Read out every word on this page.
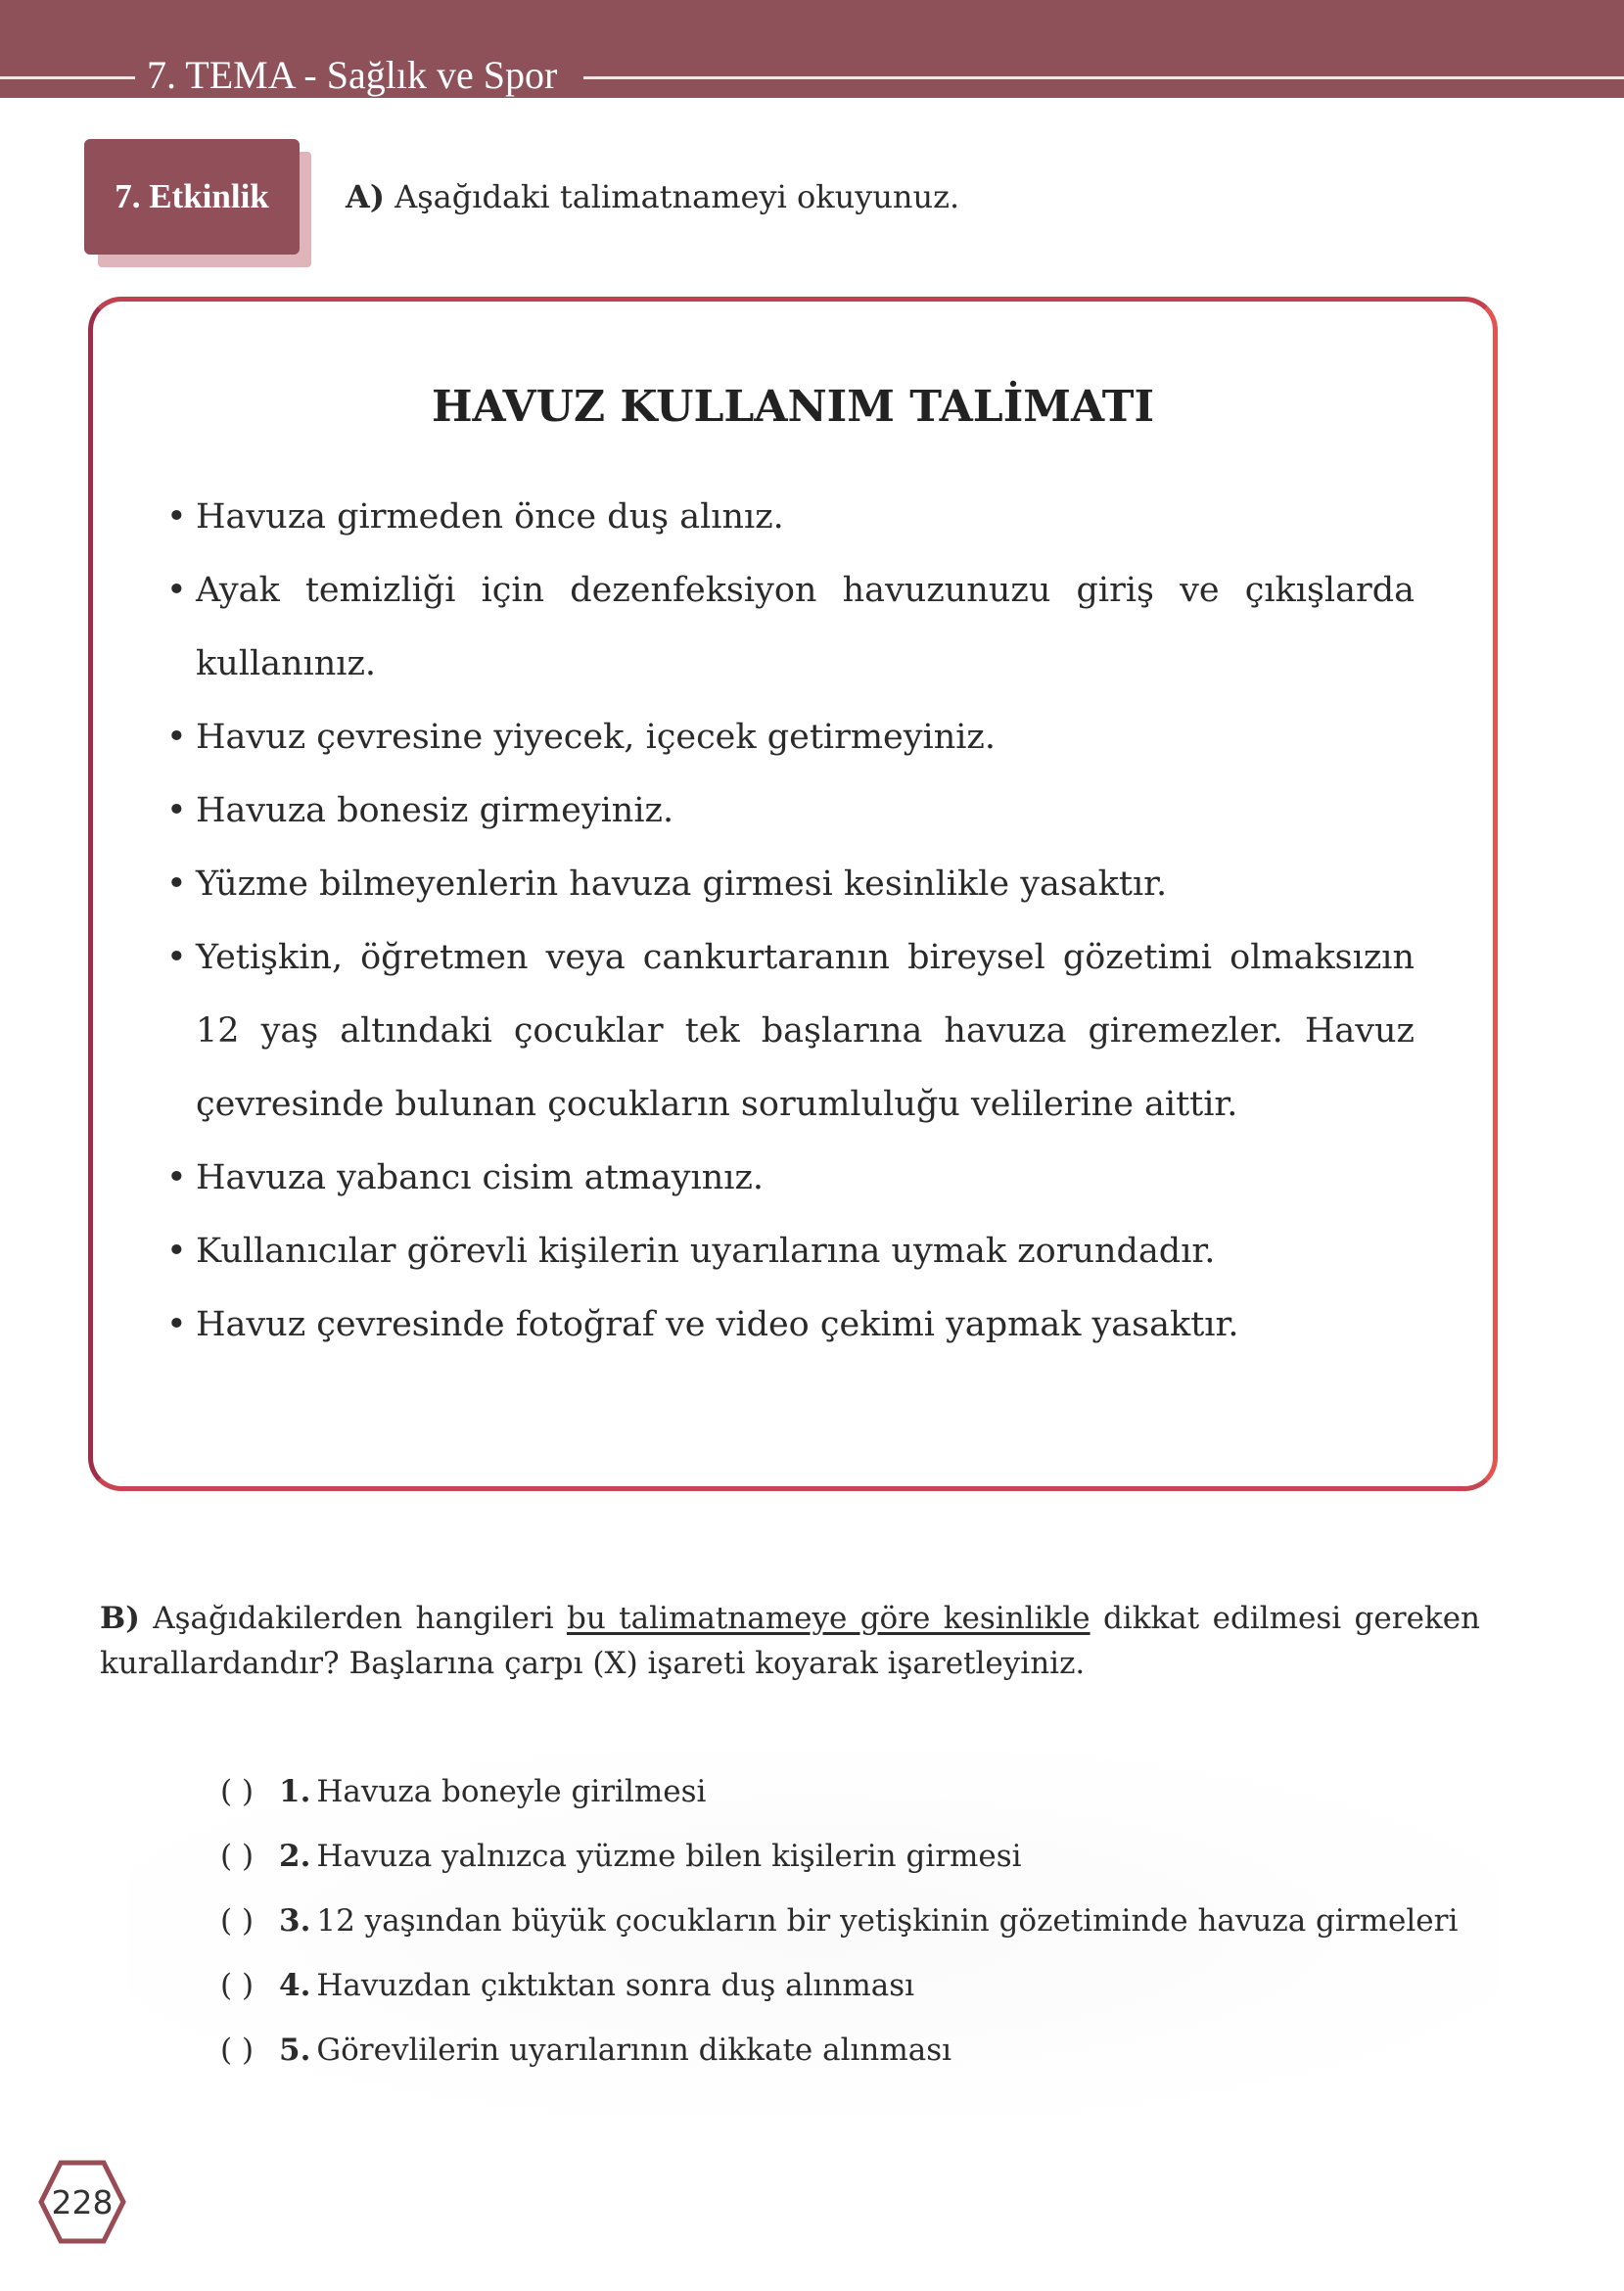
7. TEMA - Sağlık ve Spor
7. Etkinlik	A) Aşağıdaki talimatnameyi okuyunuz.
HAVUZ KULLANIM TALİMATI
• Havuza girmeden önce duş alınız.
• Ayak temizliği için dezenfeksiyon havuzunuzu giriş ve çıkışlarda kullanınız.
• Havuz çevresine yiyecek, içecek getirmeyiniz.
• Havuza bonesiz girmeyiniz.
• Yüzme bilmeyenlerin havuza girmesi kesinlikle yasaktır.
• Yetişkin, öğretmen veya cankurtaranın bireysel gözetimi olmaksızın 12 yaş altındaki çocuklar tek başlarına havuza giremezler. Havuz çevresinde bulunan çocukların sorumluluğu velilerine aittir.
• Havuza yabancı cisim atmayınız.
• Kullanıcılar görevli kişilerin uyarılarına uymak zorundadır.
• Havuz çevresinde fotoğraf ve video çekimi yapmak yasaktır.
B) Aşağıdakilerden hangileri bu talimatnameye göre kesinlikle dikkat edilmesi gereken kurallardandır? Başlarına çarpı (X) işareti koyarak işaretleyiniz.
( ) 1. Havuza boneyle girilmesi
( ) 2. Havuza yalnızca yüzme bilen kişilerin girmesi
( ) 3. 12 yaşından büyük çocukların bir yetişkinin gözetiminde havuza girmeleri
( ) 4. Havuzdan çıktıktan sonra duş alınması
( ) 5. Görevlilerin uyarılarının dikkate alınması
228
